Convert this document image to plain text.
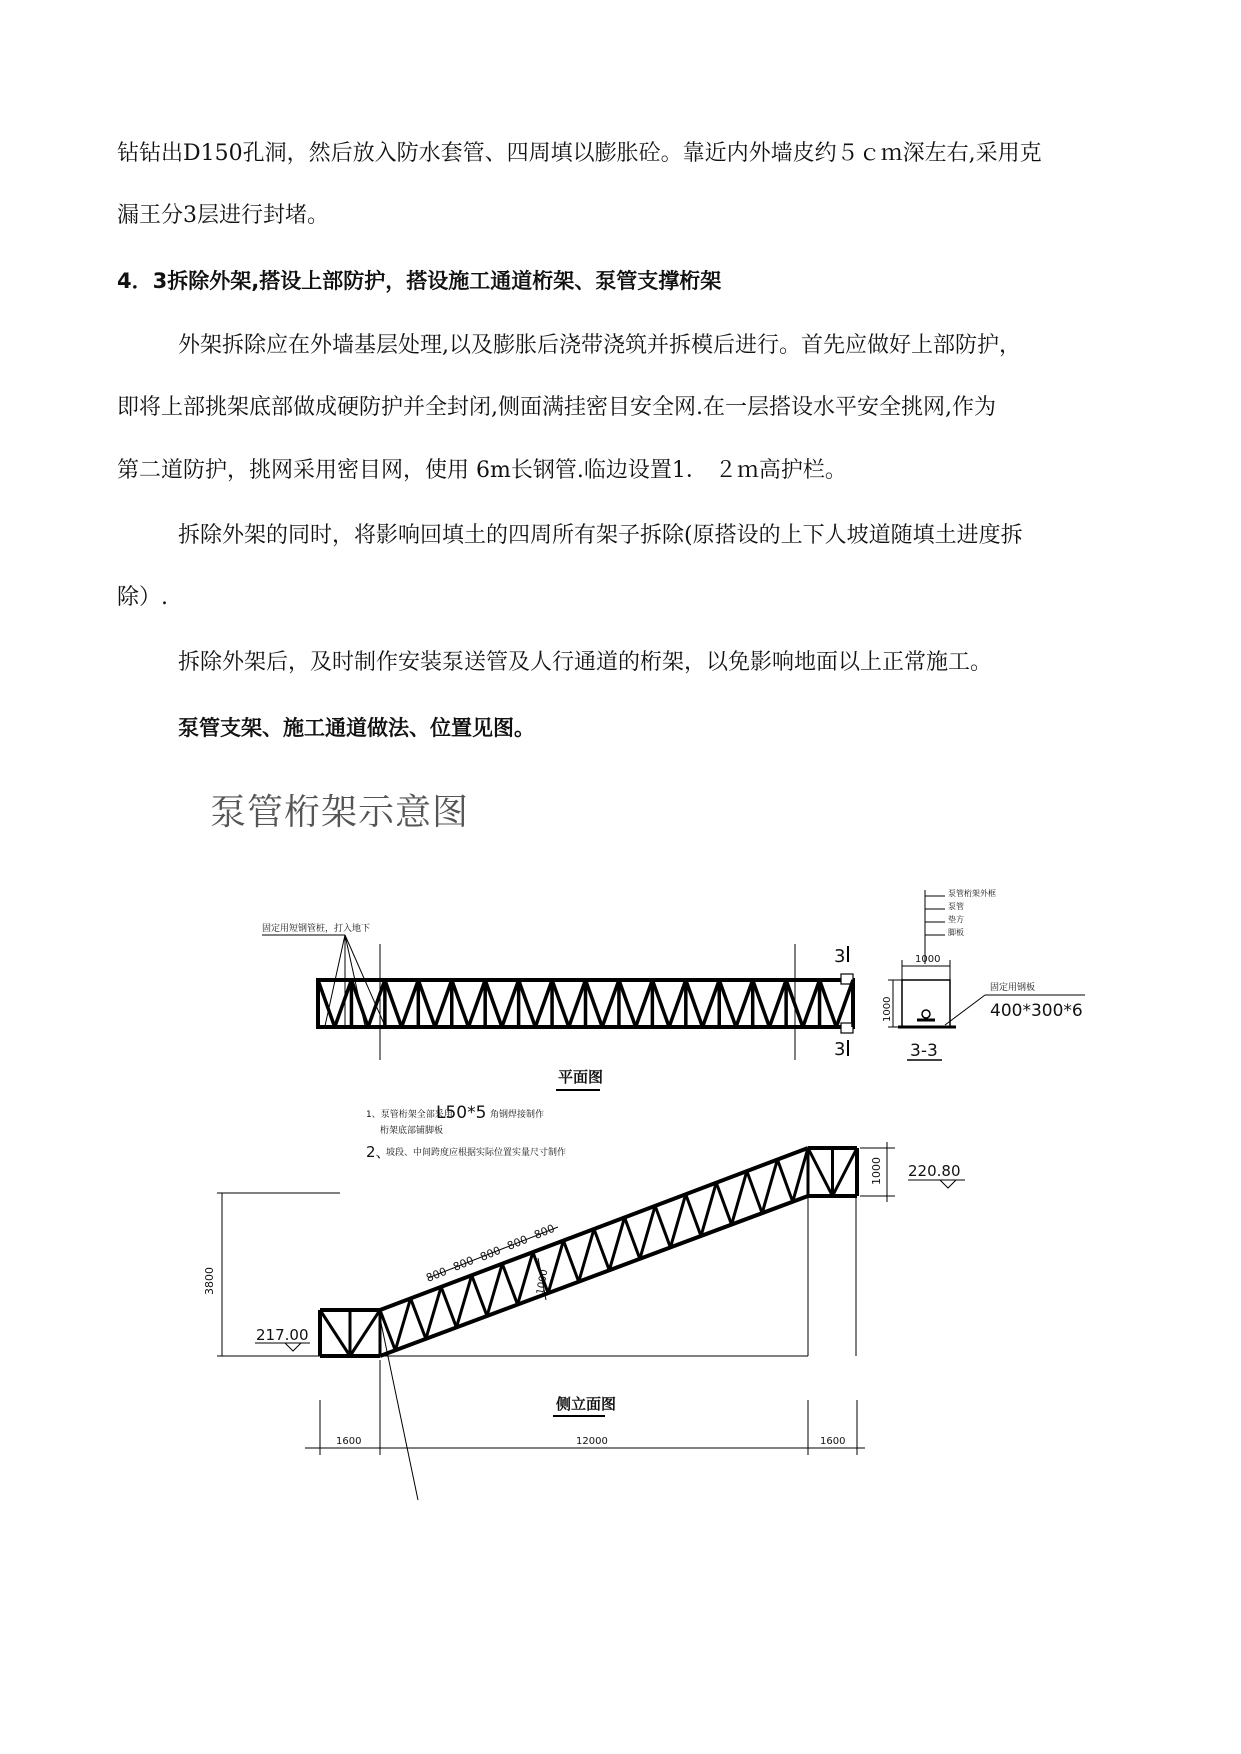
钻钻出D150孔洞，然后放入防水套管、四周填以膨胀砼。靠近内外墙皮约５ｃｍ深左右,采用克
漏王分3层进行封堵。
4．3拆除外架,搭设上部防护，搭设施工通道桁架、泵管支撑桁架
外架拆除应在外墙基层处理,以及膨胀后浇带浇筑并拆模后进行。首先应做好上部防护，
即将上部挑架底部做成硬防护并全封闭,侧面满挂密目安全网.在一层搭设水平安全挑网,作为
第二道防护，挑网采用密目网，使用 6m长钢管.临边设置1． ２ｍ高护栏。
拆除外架的同时，将影响回填土的四周所有架子拆除(原搭设的上下人坡道随填土进度拆
除）.
拆除外架后，及时制作安装泵送管及人行通道的桁架，以免影响地面以上正常施工。
泵管支架、施工通道做法、位置见图。
泵管桁架示意图
固定用短钢管桩，打入地下
3
3
平面图
泵管桁架外框
泵管
垫方
脚板
1000
1000
固定用钢板
400*300*6
3-3
1、泵管桁架全部采用
L50*5 角钢焊接制作
桁架底部铺脚板
2、
坡段、中间跨度应根据实际位置实量尺寸制作
3800
1000
1000
220.80
217.00
800
800
800
800
800
侧立面图
1600	12000	1600
